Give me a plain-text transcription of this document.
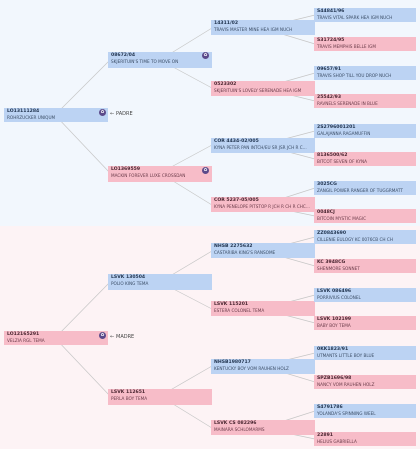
LO13111284
ROHRZUCKER UNIQUM
✿	← PADRE
LO12165291
VELZIA RGL TEMA
✿	← MADRE
08672/04
SKJERITUIN'S TIME TO MOVE ON
✿
LO1369559
MACKIN FOREVER LUXE CROSSDAN
✿
LSVK 130504
POLIO KING TEMA
LSVK 112651
PERLA BOY TEMA
14311/02
TRAVIS MASTER MINE HEA IGM NUCH
0523302
SKJERITUIN'S LOVELY SERENADE HEA IGM
COR 4434-02/005
KYNA PETER PAN INTCH/EU SR JSR JCH R C...
COR 5237-05/005
KYNA PENELOPE PITSTOP R JCH R CH R CHC...
NHSB 2275632
CASTARIBA KING'S RANSOME
LSVK 115201
ESTERA COLONEL TEMA
NHSB1980717
KENTUCKY BOY VOM RAUHEN HOLZ
LSVK CS 082296
MAINARA SCHLOMARMS
S44841/96
TRAVIS VITAL SPARK HEA IGM NUCH
S31724/95
TRAVIS MEMPHIS BELLE IGM
09657/91
TRAVIS SHOP TILL YOU DROP NUCH
25542/93
RAVNELS SERENADE IN BLUE
2S2796001201
GALAJANNA RAGAMUFFIN
8136500/62
BITCOT SEVEN OF KYNA
3025CG
ZANGIL POWER RANGER OF TUGGRMATT
0048CJ
BITCOIN MYSTIC MAGIC
ZZ0843690
CILLENIE EULOGY KC 0076CB CH CH
KC 3948CG
SHENMORE SONNET
LSVK 086496
PORRIVIUS COLONEL
LSVK 102199
BABY BOY TEMA
0KK1823/91
UTMANTS LITTLE BOY BLUE
SPZB1696/98
NANCY VOM RAUHEN HOLZ
S4791786
YOLANDA'S SPINNING WEEL
22891
HELIUS GABRIELLA
